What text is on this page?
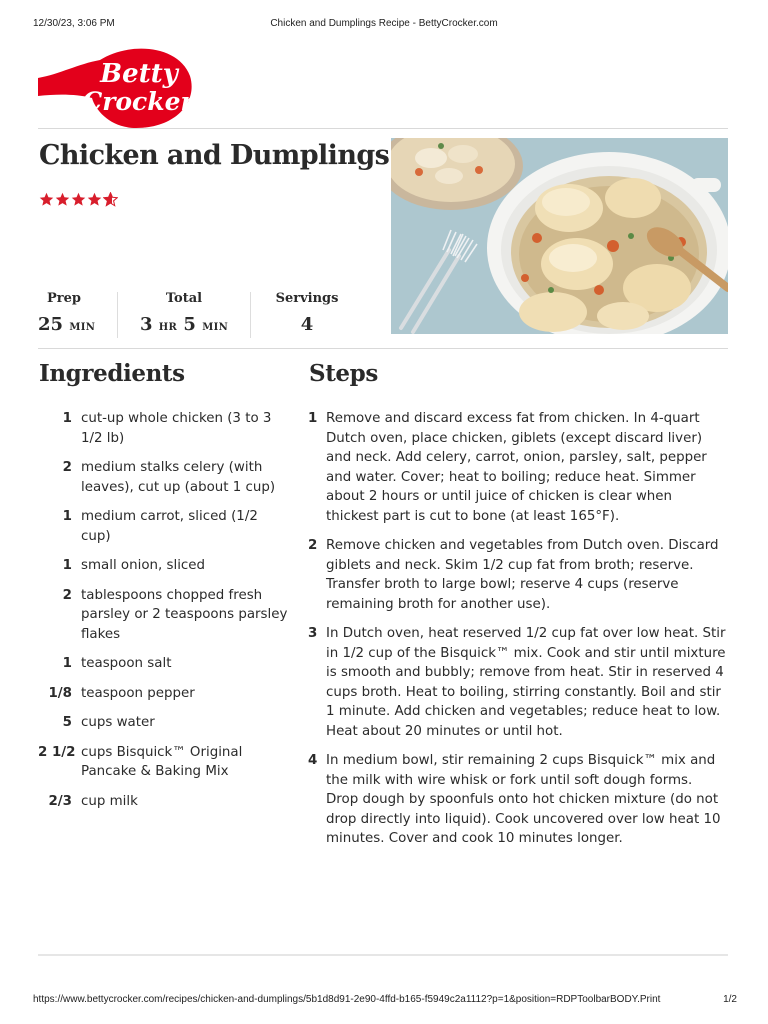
12/30/23, 3:06 PM	Chicken and Dumplings Recipe - BettyCrocker.com
Betty
Crocker
Chicken and Dumplings
Prep
25 MIN
Total
3 HR 5 MIN
Servings
4
Ingredients	Steps
1 cut-up whole chicken (3 to 3 1/2 lb)
2 medium stalks celery (with leaves), cut up (about 1 cup)
1 medium carrot, sliced (1/2 cup)
1 small onion, sliced
2 tablespoons chopped fresh parsley or 2 teaspoons parsley flakes
1 teaspoon salt
1/8 teaspoon pepper
5 cups water
2 1/2 cups Bisquick™ Original Pancake & Baking Mix
2/3 cup milk
1 Remove and discard excess fat from chicken. In 4-quart Dutch oven, place chicken, giblets (except discard liver) and neck. Add celery, carrot, onion, parsley, salt, pepper and water. Cover; heat to boiling; reduce heat. Simmer about 2 hours or until juice of chicken is clear when thickest part is cut to bone (at least 165°F).
2 Remove chicken and vegetables from Dutch oven. Discard giblets and neck. Skim 1/2 cup fat from broth; reserve. Transfer broth to large bowl; reserve 4 cups (reserve remaining broth for another use).
3 In Dutch oven, heat reserved 1/2 cup fat over low heat. Stir in 1/2 cup of the Bisquick™ mix. Cook and stir until mixture is smooth and bubbly; remove from heat. Stir in reserved 4 cups broth. Heat to boiling, stirring constantly. Boil and stir 1 minute. Add chicken and vegetables; reduce heat to low. Heat about 20 minutes or until hot.
4 In medium bowl, stir remaining 2 cups Bisquick™ mix and the milk with wire whisk or fork until soft dough forms. Drop dough by spoonfuls onto hot chicken mixture (do not drop directly into liquid). Cook uncovered over low heat 10 minutes. Cover and cook 10 minutes longer.
https://www.bettycrocker.com/recipes/chicken-and-dumplings/5b1d8d91-2e90-4ffd-b165-f5949c2a1112?p=1&position=RDPToolbarBODY.Print	1/2
